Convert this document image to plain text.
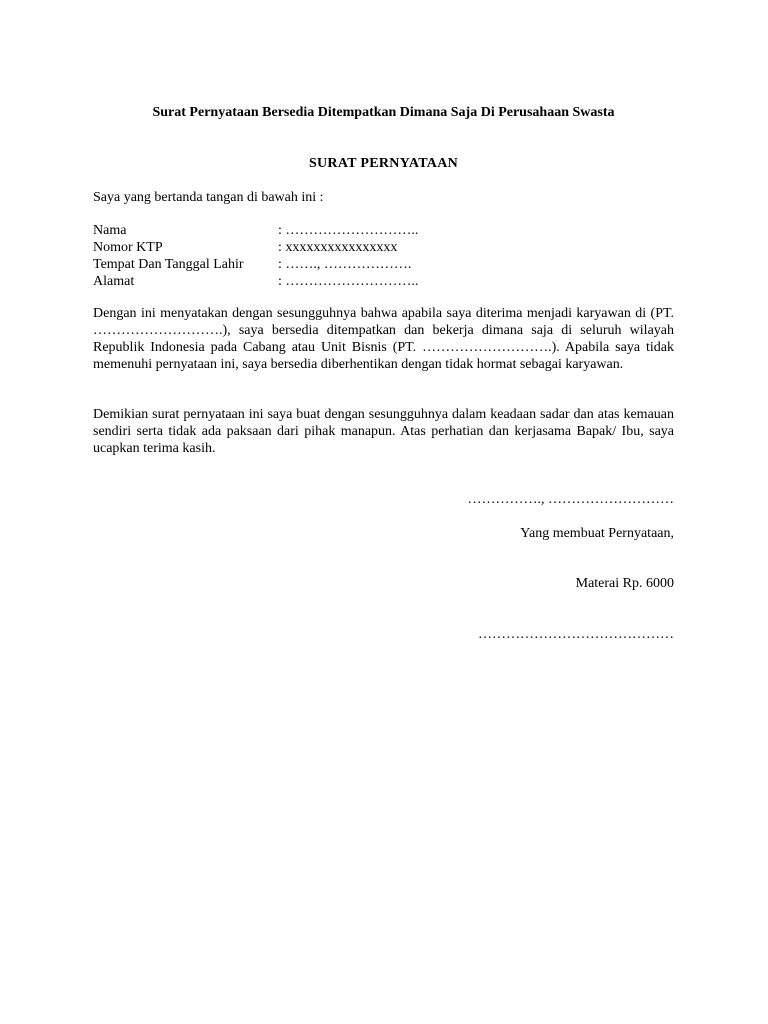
Surat Pernyataan Bersedia Ditempatkan Dimana Saja Di Perusahaan Swasta
SURAT PERNYATAAN
Saya yang bertanda tangan di bawah ini :
Nama	: ………………………..
Nomor KTP	: xxxxxxxxxxxxxxxx
Tempat Dan Tanggal Lahir : ……., ……………….
Alamat	: ………………………..

Dengan ini menyatakan dengan sesungguhnya bahwa apabila saya diterima menjadi karyawan di (PT. ……………………….), saya bersedia ditempatkan dan bekerja dimana saja di seluruh wilayah Republik Indonesia pada Cabang atau Unit Bisnis (PT. ……………………….). Apabila saya tidak memenuhi pernyataan ini, saya bersedia diberhentikan dengan tidak hormat sebagai karyawan.

Demikian surat pernyataan ini saya buat dengan sesungguhnya dalam keadaan sadar dan atas kemauan sendiri serta tidak ada paksaan dari pihak manapun. Atas perhatian dan kerjasama Bapak/ Ibu, saya ucapkan terima kasih.

……………., ………………………
Yang membuat Pernyataan,
Materai Rp. 6000
……………………………………
